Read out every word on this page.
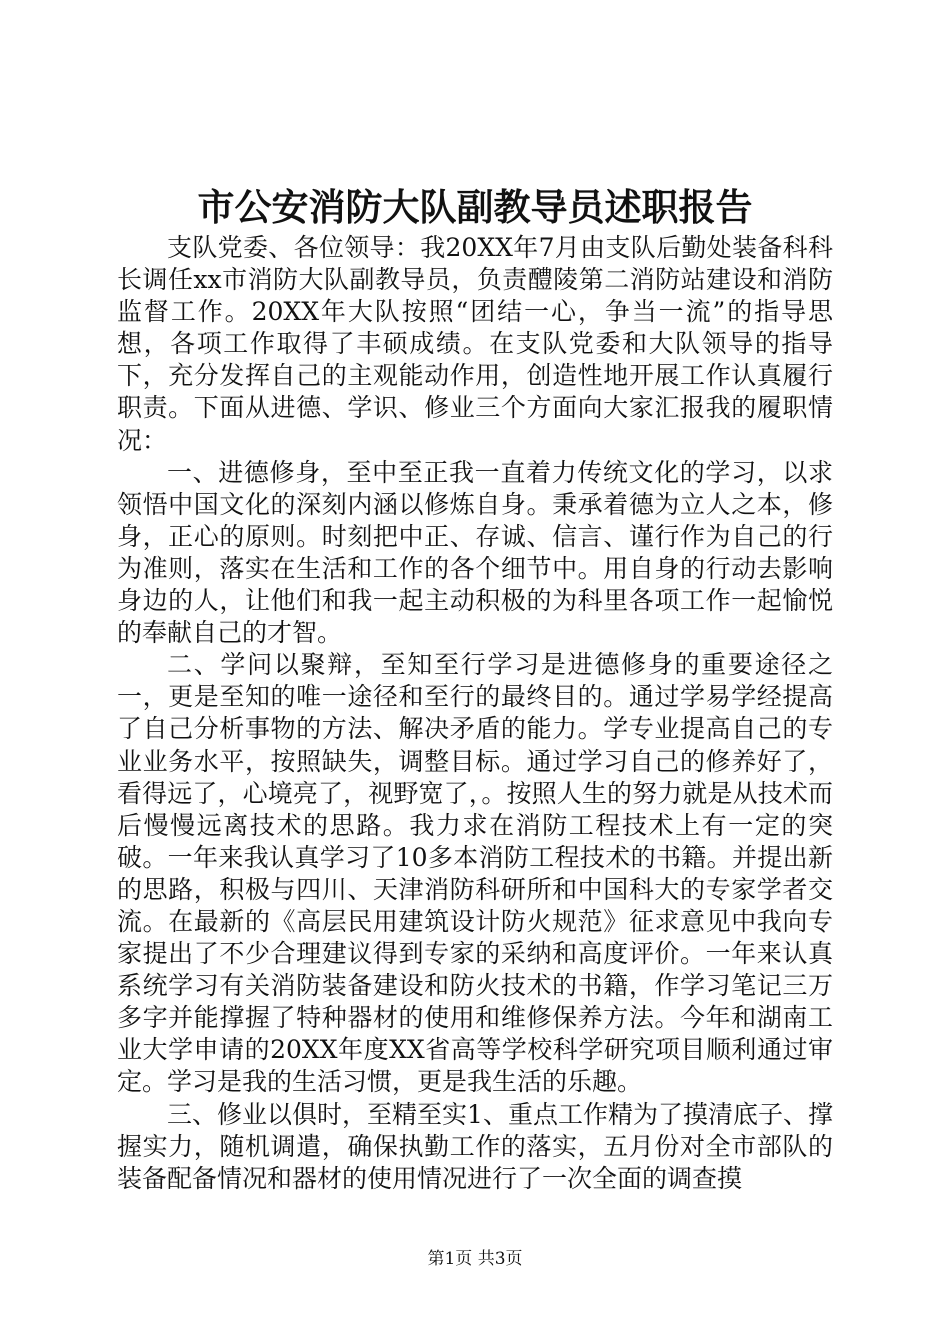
市公安消防大队副教导员述职报告

支队党委、各位领导：我20XX年7月由支队后勤处装备科科长调任xx市消防大队副教导员，负责醴陵第二消防站建设和消防监督工作。20XX年大队按照“团结一心，争当一流”的指导思想，各项工作取得了丰硕成绩。在支队党委和大队领导的指导下，充分发挥自己的主观能动作用，创造性地开展工作认真履行职责。下面从进德、学识、修业三个方面向大家汇报我的履职情况：

一、进德修身，至中至正我一直着力传统文化的学习，以求领悟中国文化的深刻内涵以修炼自身。秉承着德为立人之本，修身，正心的原则。时刻把中正、存诚、信言、谨行作为自己的行为准则，落实在生活和工作的各个细节中。用自身的行动去影响身边的人，让他们和我一起主动积极的为科里各项工作一起愉悦的奉献自己的才智。

二、学问以聚辩，至知至行学习是进德修身的重要途径之一，更是至知的唯一途径和至行的最终目的。通过学易学经提高了自己分析事物的方法、解决矛盾的能力。学专业提高自己的专业业务水平，按照缺失，调整目标。通过学习自己的修养好了，看得远了，心境亮了，视野宽了，。按照人生的努力就是从技术而后慢慢远离技术的思路。我力求在消防工程技术上有一定的突破。一年来我认真学习了10多本消防工程技术的书籍。并提出新的思路，积极与四川、天津消防科研所和中国科大的专家学者交流。在最新的《高层民用建筑设计防火规范》征求意见中我向专家提出了不少合理建议得到专家的采纳和高度评价。一年来认真系统学习有关消防装备建设和防火技术的书籍，作学习笔记三万多字并能撑握了特种器材的使用和维修保养方法。今年和湖南工业大学申请的20XX年度XX省高等学校科学研究项目顺利通过审定。学习是我的生活习惯，更是我生活的乐趣。

三、修业以俱时，至精至实1、重点工作精为了摸清底子、撑握实力，随机调遣，确保执勤工作的落实，五月份对全市部队的装备配备情况和器材的使用情况进行了一次全面的调查摸

第1页 共3页
